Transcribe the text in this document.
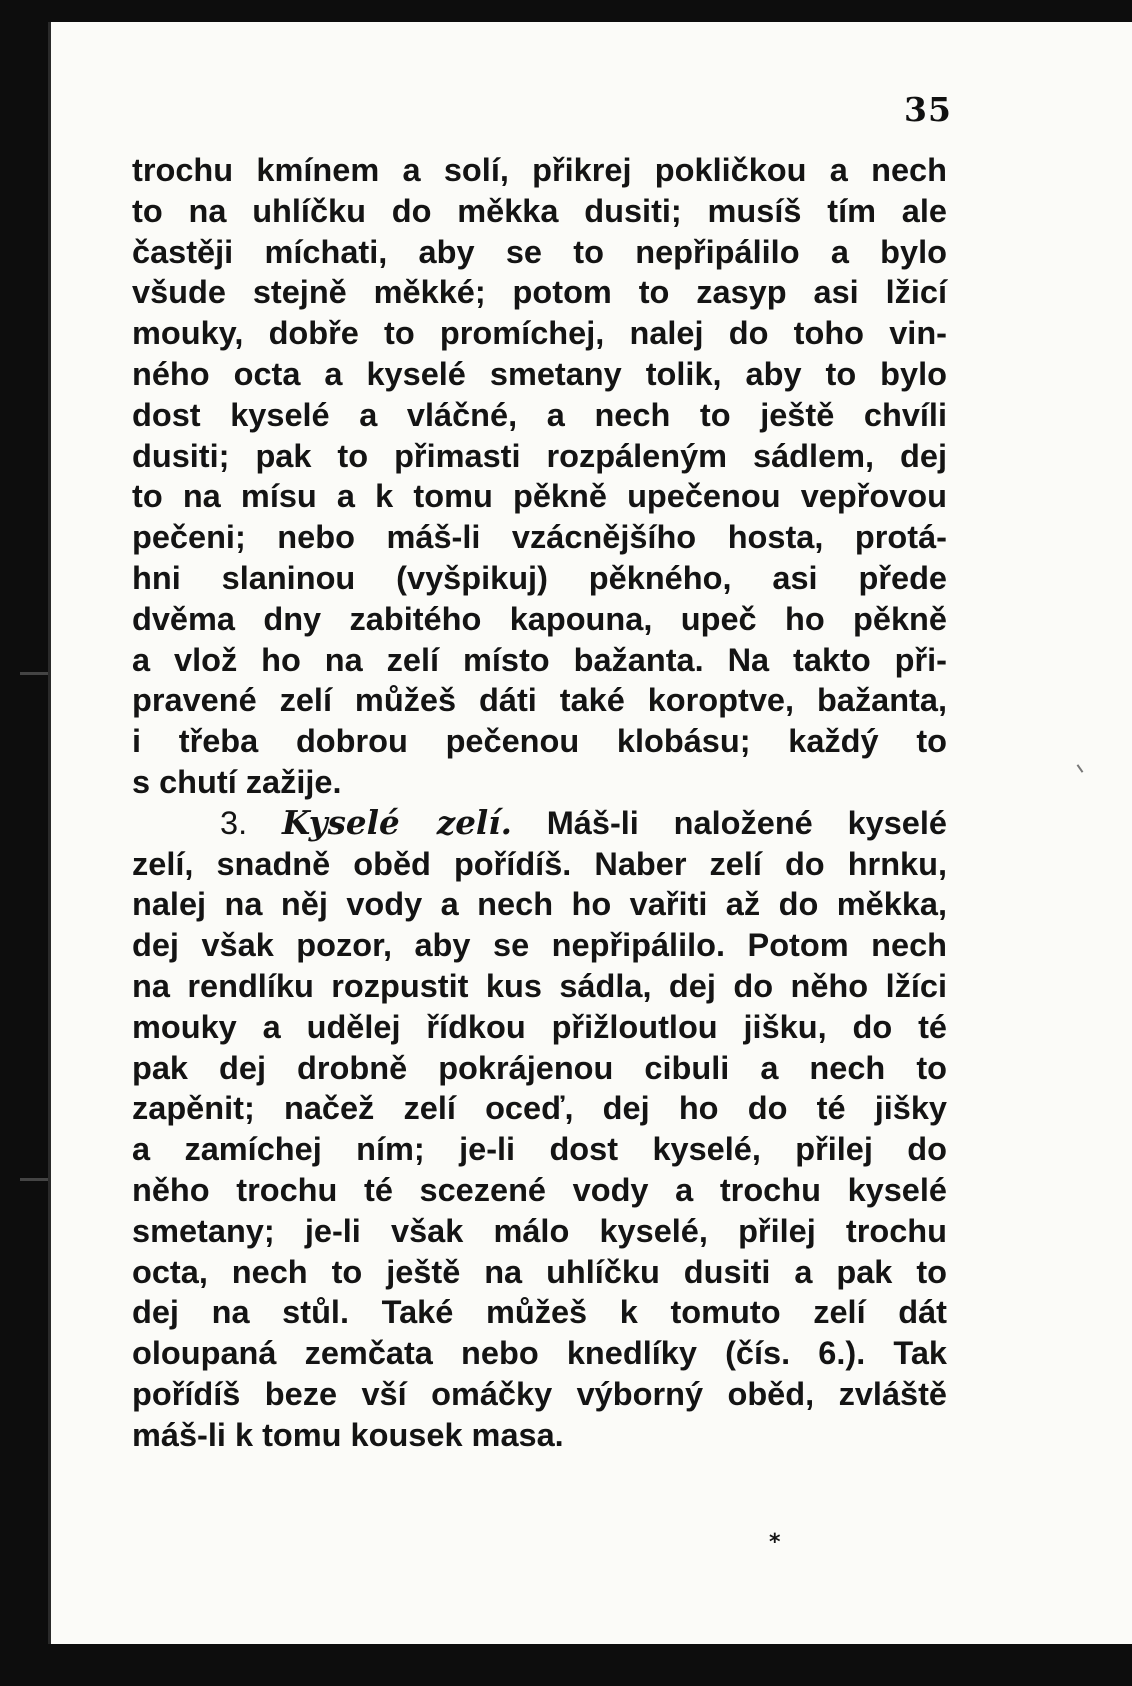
35
trochu kmínem a solí, přikrej pokličkou a nech
to na uhlíčku do měkka dusiti; musíš tím ale
častěji míchati, aby se to nepřipálilo a bylo
všude stejně měkké; potom to zasyp asi lžicí
mouky, dobře to promíchej, nalej do toho vin-
ného octa a kyselé smetany tolik, aby to bylo
dost kyselé a vláčné, a nech to ještě chvíli
dusiti; pak to přimasti rozpáleným sádlem, dej
to na mísu a k tomu pěkně upečenou vepřovou
pečeni; nebo máš-li vzácnějšího hosta, protá-
hni slaninou (vyšpikuj) pěkného, asi přede
dvěma dny zabitého kapouna, upeč ho pěkně
a vlož ho na zelí místo bažanta. Na takto při-
pravené zelí můžeš dáti také koroptve, bažanta,
i třeba dobrou pečenou klobásu; každý to
s chutí zažije.
3. Kyselé zelí. Máš-li naložené kyselé
zelí, snadně oběd pořídíš. Naber zelí do hrnku,
nalej na něj vody a nech ho vařiti až do měkka,
dej však pozor, aby se nepřipálilo. Potom nech
na rendlíku rozpustit kus sádla, dej do něho lžíci
mouky a udělej řídkou přižloutlou jišku, do té
pak dej drobně pokrájenou cibuli a nech to
zapěnit; načež zelí oceď, dej ho do té jišky
a zamíchej ním; je-li dost kyselé, přilej do
něho trochu té scezené vody a trochu kyselé
smetany; je-li však málo kyselé, přilej trochu
octa, nech to ještě na uhlíčku dusiti a pak to
dej na stůl. Také můžeš k tomuto zelí dát
oloupaná zemčata nebo knedlíky (čís. 6.). Tak
pořídíš beze vší omáčky výborný oběd, zvláště
máš-li k tomu kousek masa.
*
